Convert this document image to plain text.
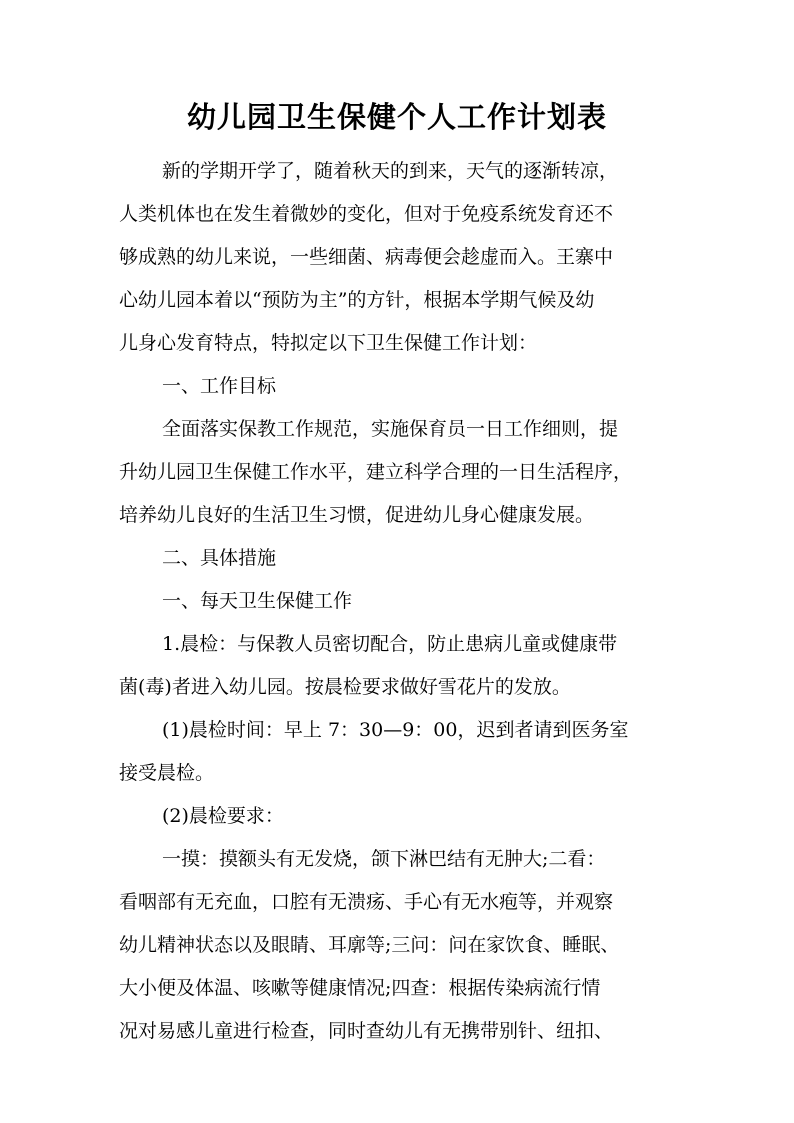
幼儿园卫生保健个人工作计划表

新的学期开学了，随着秋天的到来，天气的逐渐转凉，

人类机体也在发生着微妙的变化，但对于免疫系统发育还不

够成熟的幼儿来说，一些细菌、病毒便会趁虚而入。王寨中

心幼儿园本着以“预防为主”的方针，根据本学期气候及幼

儿身心发育特点，特拟定以下卫生保健工作计划：

一、工作目标

全面落实保教工作规范，实施保育员一日工作细则，提

升幼儿园卫生保健工作水平，建立科学合理的一日生活程序，

培养幼儿良好的生活卫生习惯，促进幼儿身心健康发展。

二、具体措施

一、每天卫生保健工作

1.晨检：与保教人员密切配合，防止患病儿童或健康带

菌(毒)者进入幼儿园。按晨检要求做好雪花片的发放。

(1)晨检时间：早上 7：30—9：00，迟到者请到医务室

接受晨检。

(2)晨检要求：

一摸：摸额头有无发烧，颌下淋巴结有无肿大;二看：

看咽部有无充血，口腔有无溃疡、手心有无水疱等，并观察

幼儿精神状态以及眼睛、耳廓等;三问：问在家饮食、睡眠、

大小便及体温、咳嗽等健康情况;四查：根据传染病流行情

况对易感儿童进行检查，同时查幼儿有无携带别针、纽扣、
